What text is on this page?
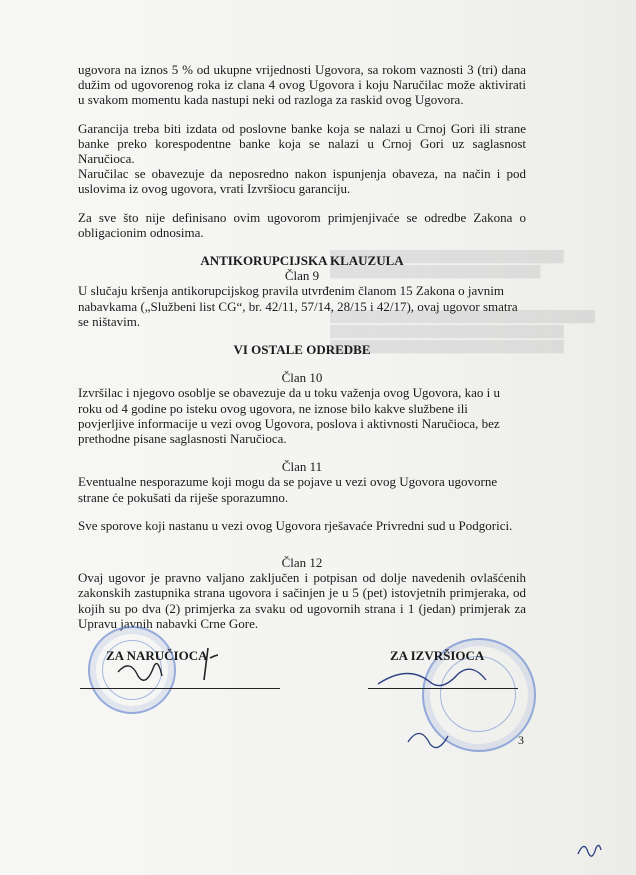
██████████████████████████████
███████████████████████████

██████████████████████████████████
██████████████████████████████
██████████████████████████████

ugovora na iznos 5 % od ukupne vrijednosti Ugovora, sa rokom vaznosti 3 (tri) dana dužim od ugovorenog roka iz clana 4 ovog Ugovora i koju Naručilac može aktivirati u svakom momentu kada nastupi neki od razloga za raskid ovog Ugovora.

Garancija treba biti izdata od poslovne banke koja se nalazi u Crnoj Gori ili strane banke preko korespodentne banke koja se nalazi u Crnoj Gori uz saglasnost Naručioca.

Naručilac se obavezuje da neposredno nakon ispunjenja obaveza, na način i pod uslovima iz ovog ugovora, vrati Izvršiocu garanciju.

Za sve što nije definisano ovim ugovorom primjenjivaće se odredbe Zakona o obligacionim odnosima.

ANTIKORUPCIJSKA KLAUZULA
Član 9

U slučaju kršenja antikorupcijskog pravila utvrđenim članom 15 Zakona o javnim nabavkama („Službeni list CG“, br. 42/11, 57/14, 28/15 i 42/17), ovaj ugovor smatra se ništavim.

VI OSTALE ODREDBE

Član 10

Izvršilac i njegovo osoblje se obavezuje da u toku važenja ovog Ugovora, kao i u roku od 4 godine po isteku ovog ugovora, ne iznose bilo kakve službene ili povjerljive informacije u vezi ovog Ugovora, poslova i aktivnosti Naručioca, bez prethodne pisane saglasnosti Naručioca.

Član 11

Eventualne nesporazume koji mogu da se pojave u vezi ovog Ugovora ugovorne strane će pokušati da riješe sporazumno.

Sve sporove koji nastanu u vezi ovog Ugovora rješavaće Privredni sud u Podgorici.

Član 12

Ovaj ugovor je pravno valjano zaključen i potpisan od dolje navedenih ovlašćenih zakonskih zastupnika strana ugovora i sačinjen je u 5 (pet) istovjetnih primjeraka, od kojih su po dva (2) primjerka za svaku od ugovornih strana i 1 (jedan) primjerak za Upravu javnih nabavki Crne Gore.

ZA NARUČIOCA	ZA IZVRŠIOCA
3
